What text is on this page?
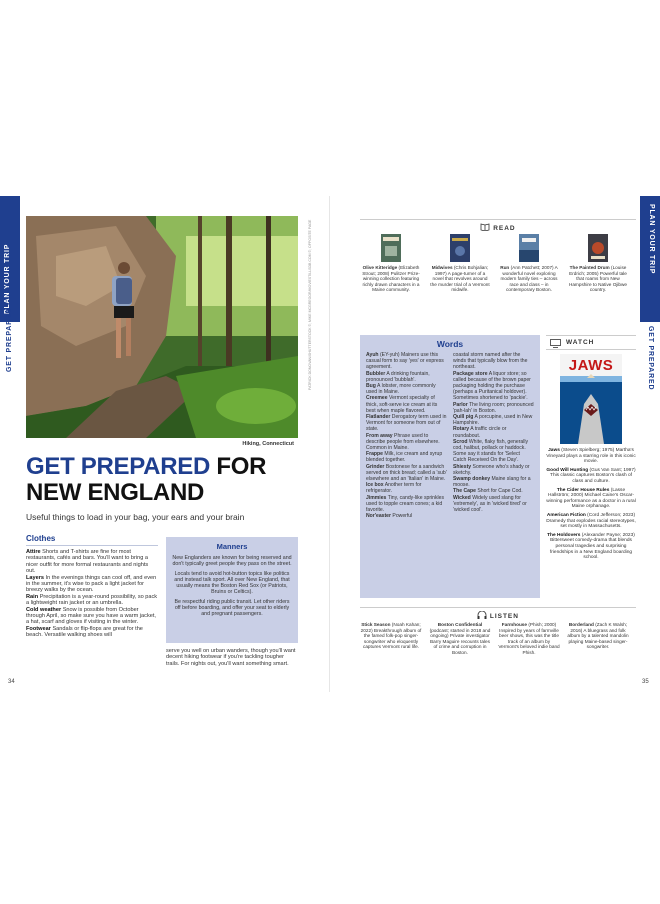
PLAN YOUR TRIP
GET PREPARED
PLAN YOUR TRIP
GET PREPARED
PATRICK DONOVAN/SHUTTERSTOCK ©; MIKE MCGREGOR/MOVIESTILLSDB.COM ©; OPPOSITE PAGE
Hiking, Connecticut
GET PREPARED FOR
NEW ENGLAND
Useful things to load in your bag, your ears and your brain
Clothes
Attire Shorts and T-shirts are fine for most restaurants, cafés and bars. You'll want to bring a nicer outfit for more formal restaurants and nights out.
Layers In the evenings things can cool off, and even in the summer, it's wise to pack a light jacket for breezy walks by the ocean.
Rain Precipitation is a year-round possibility, so pack a lightweight rain jacket or an umbrella.
Cold weather Snow is possible from October through April, so make sure you have a warm jacket, a hat, scarf and gloves if visiting in the winter.
Footwear Sandals or flip-flops are great for the beach. Versatile walking shoes will
serve you well on urban wanders, though you'll want decent hiking footwear if you're tackling tougher trails. For nights out, you'll want something smart.
Manners

New Englanders are known for being reserved and don't typically greet people they pass on the street.

Locals tend to avoid hot-button topics like politics and instead talk sport. All over New England, that usually means the Boston Red Sox (or Patriots, Bruins or Celtics).

Be respectful riding public transit. Let other riders off before boarding, and offer your seat to elderly and pregnant passengers.

34	35
READ

Olive Kitteridge (Elizabeth Strout; 2008) Pulitzer Prize-winning collection featuring richly drawn characters in a Maine community.

Midwives (Chris Bohjalian; 1997) A page-turner of a novel that revolves around the murder trial of a Vermont midwife.

Run (Ann Patchett; 2007) A wonderful novel exploring modern family ties – across race and class – in contemporary Boston.

The Painted Drum (Louise Erdrich; 2005) Powerful tale that roams from New Hampshire to Native Ojibwe country.

Words
Ayuh (EY-yuh) Mainers use this casual form to say 'yes' or express agreement.
Bubbler A drinking fountain, pronounced 'bubblah'.
Bug A lobster, more commonly used in Maine.
Creemee Vermont specialty of thick, soft-serve ice cream at its best when maple flavored.
Flatlander Derogatory term used in Vermont for someone from out of state.
From away Phrase used to describe people from elsewhere. Common in Maine.
Frappe Milk, ice cream and syrup blended together.
Grinder Bostonese for a sandwich served on thick bread; called a 'sub' elsewhere and an 'Italian' in Maine.
Ice box Another term for refrigerator.
Jimmies Tiny, candy-like sprinkles used to topple cream cones; a kid favorite.
Nor'easter Powerful
coastal storm named after the winds that typically blow from the northeast.
Package store A liquor store; so called because of the brown paper packaging holding the purchase (perhaps a Puritanical holdover). Sometimes shortened to 'packie'.
Parlor The living room; pronounced 'pah-lah' in Boston.
Quill pig A porcupine, used in New Hampshire.
Rotary A traffic circle or roundabout.
Scrod White, flaky fish, generally cod, halibut, pollack or haddock. Some say it stands for 'Select Catch Received On the Day'.
Shiesty Someone who's shady or sketchy.
Swamp donkey Maine slang for a moose.
The Cape Short for Cape Cod.
Wicked Widely used slang for 'extremely', as in 'wicked tired' or 'wicked cool'.
WATCH
JAWS
Jaws (Steven Spielberg; 1975) Martha's Vineyard plays a starring role in this iconic movie.
Good Will Hunting (Gus Van Sant; 1997) This classic captures Boston's clash of class and culture.
The Cider House Rules (Lasse Hallström; 2000) Michael Caine's Oscar-winning performance as a doctor in a rural Maine orphanage.
American Fiction (Cord Jefferson; 2023) Dramedy that explodes racial stereotypes, set mostly in Massachusetts.
The Holdovers (Alexander Payne; 2023) Bittersweet comedy-drama that blends personal tragedies and surprising friendships in a New England boarding school.
LISTEN

Stick Season (Noah Kahan; 2022) Breakthrough album of the famed folk-pop singer-songwriter who eloquently captures Vermont rural life.

Boston Confidential (podcast; started in 2018 and ongoing) Private investigator Barry Maguire recounts tales of crime and corruption in Boston.

Farmhouse (Phish; 2000) Inspired by years of farmville beer shows, this was the title track of an album by Vermont's beloved indie band Phish.

Borderland (Zach K Walsh; 2016) A bluegrass and folk album by a talented mandolin playing Maine-based singer-songwriter.
